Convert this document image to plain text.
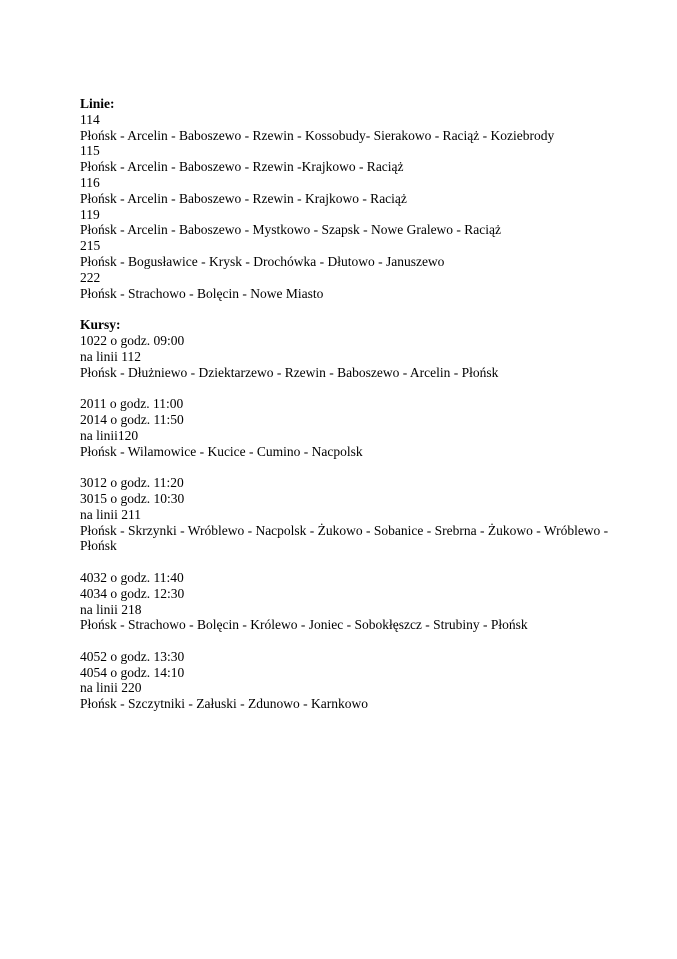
Linie:
114
Płońsk - Arcelin - Baboszewo - Rzewin - Kossobudy- Sierakowo - Raciąż - Koziebrody
115
Płońsk - Arcelin - Baboszewo - Rzewin -Krajkowo - Raciąż
116
Płońsk - Arcelin - Baboszewo - Rzewin - Krajkowo - Raciąż
119
Płońsk - Arcelin - Baboszewo - Mystkowo - Szapsk - Nowe Gralewo - Raciąż
215
Płońsk - Bogusławice - Krysk - Drochówka - Dłutowo - Januszewo
222
Płońsk - Strachowo - Bolęcin - Nowe Miasto
Kursy:
1022 o godz. 09:00
na linii 112
Płońsk - Dłużniewo - Dziektarzewo - Rzewin - Baboszewo - Arcelin - Płońsk
2011 o godz. 11:00
2014 o godz. 11:50
na linii120
Płońsk - Wilamowice - Kucice - Cumino - Nacpolsk
3012 o godz. 11:20
3015 o godz. 10:30
na linii 211
Płońsk - Skrzynki - Wróblewo - Nacpolsk - Żukowo - Sobanice - Srebrna - Żukowo - Wróblewo - Płońsk
4032 o godz. 11:40
4034 o godz. 12:30
na linii 218
Płońsk - Strachowo - Bolęcin - Królewo - Joniec - Sobokłęszcz - Strubiny - Płońsk
4052 o godz. 13:30
4054 o godz. 14:10
na linii 220
Płońsk - Szczytniki - Załuski - Zdunowo - Karnkowo
